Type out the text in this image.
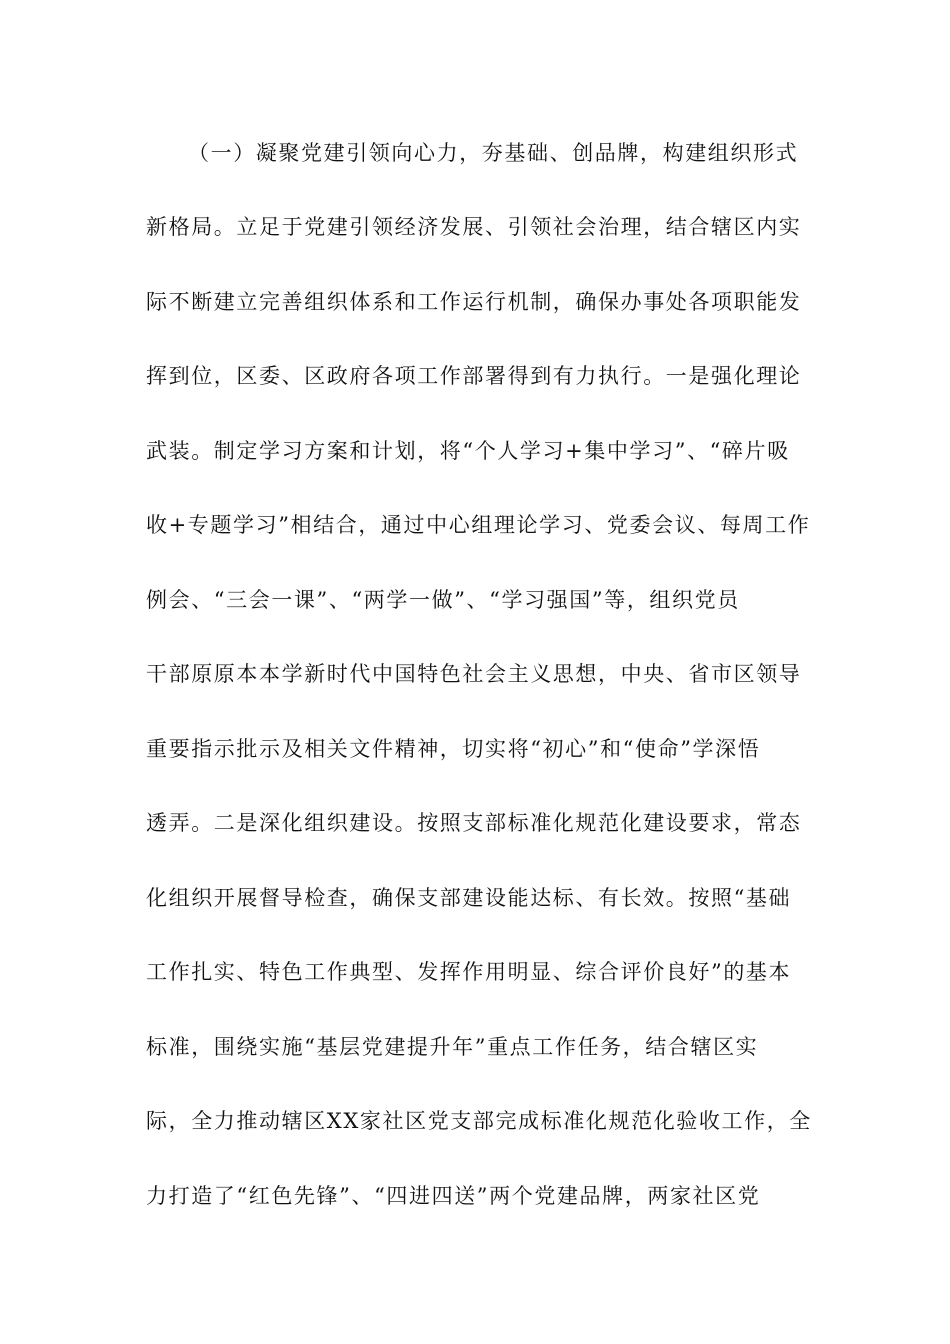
（一）凝聚党建引领向心力，夯基础、创品牌，构建组织形式
新格局。立足于党建引领经济发展、引领社会治理，结合辖区内实
际不断建立完善组织体系和工作运行机制，确保办事处各项职能发
挥到位，区委、区政府各项工作部署得到有力执行。一是强化理论
武装。制定学习方案和计划，将“个人学习+集中学习”、“碎片吸
收+专题学习”相结合，通过中心组理论学习、党委会议、每周工作
例会、“三会一课”、“两学一做”、“学习强国”等，组织党员
干部原原本本学新时代中国特色社会主义思想，中央、省市区领导
重要指示批示及相关文件精神，切实将“初心”和“使命”学深悟
透弄。二是深化组织建设。按照支部标准化规范化建设要求，常态
化组织开展督导检查，确保支部建设能达标、有长效。按照“基础
工作扎实、特色工作典型、发挥作用明显、综合评价良好”的基本
标准，围绕实施“基层党建提升年”重点工作任务，结合辖区实
际，全力推动辖区XX家社区党支部完成标准化规范化验收工作，全
力打造了“红色先锋”、“四进四送”两个党建品牌，两家社区党
